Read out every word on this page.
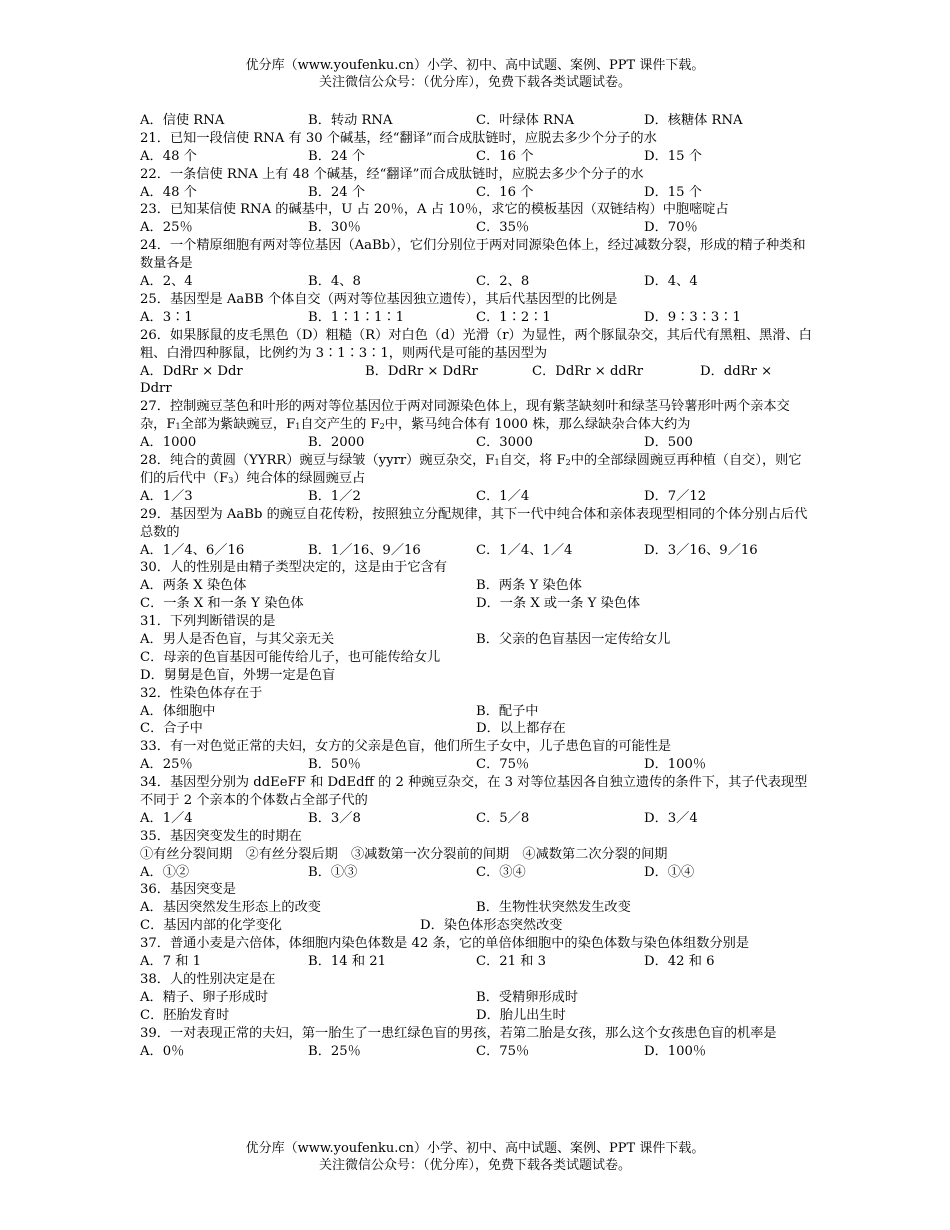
优分库（www.youfenku.cn）小学、初中、高中试题、案例、PPT 课件下载。
关注微信公众号：（优分库），免费下载各类试题试卷。
A．信使 RNA	B．转动 RNA	C．叶绿体 RNA	D．核糖体 RNA
21．已知一段信使 RNA 有 30 个碱基，经“翻译”而合成肽链时，应脱去多少个分子的水
A．48 个	B．24 个	C．16 个	D．15 个
22．一条信使 RNA 上有 48 个碱基，经“翻译”而合成肽链时，应脱去多少个分子的水
A．48 个	B．24 个	C．16 个	D．15 个
23．已知某信使 RNA 的碱基中，U 占 20％，A 占 10％，求它的模板基因（双链结构）中胞嘧啶占
A．25％	B．30％	C．35％	D．70％
24．一个精原细胞有两对等位基因（AaBb），它们分别位于两对同源染色体上，经过减数分裂，形成的精子种类和数量各是
A．2、4	B．4、8	C．2、8	D．4、4
25．基因型是 AaBB 个体自交（两对等位基因独立遗传），其后代基因型的比例是
A．3∶1	B．1∶1∶1∶1	C．1∶2∶1	D．9∶3∶3∶1
26．如果豚鼠的皮毛黑色（D）粗糙（R）对白色（d）光滑（r）为显性，两个豚鼠杂交，其后代有黑粗、黑滑、白粗、白滑四种豚鼠，比例约为 3∶1∶3∶1，则两代是可能的基因型为
A．DdRr × Ddr	B．DdRr × DdRr	C．DdRr × ddRr	D．ddRr ×
Ddrr
27．控制豌豆茎色和叶形的两对等位基因位于两对同源染色体上，现有紫茎缺刻叶和绿茎马铃薯形叶两个亲本交杂，$F_1$全部为紫缺豌豆，$F_1$自交产生的 $F_2$中，紫马纯合体有 1000 株，那么绿缺杂合体大约为
A．1000	B．2000	C．3000	D．500
28．纯合的黄圆（YYRR）豌豆与绿皱（yyrr）豌豆杂交，$F_1$自交，将 $F_2$中的全部绿圆豌豆再种植（自交），则它们的后代中$(F_3)$纯合体的绿圆豌豆占
A．1／3	B．1／2	C．1／4	D．7／12
29．基因型为 AaBb 的豌豆自花传粉，按照独立分配规律，其下一代中纯合体和亲体表现型相同的个体分别占后代总数的
A．1／4、6／16	B．1／16、9／16	C．1／4、1／4	D．3／16、9／16
30．人的性别是由精子类型决定的，这是由于它含有
A．两条 X 染色体	B．两条 Y 染色体
C．一条 X 和一条 Y 染色体	D．一条 X 或一条 Y 染色体
31．下列判断错误的是
A．男人是否色盲，与其父亲无关	B．父亲的色盲基因一定传给女儿
C．母亲的色盲基因可能传给儿子，也可能传给女儿
D．舅舅是色盲，外甥一定是色盲
32．性染色体存在于
A．体细胞中	B．配子中
C．合子中	D．以上都存在
33．有一对色觉正常的夫妇，女方的父亲是色盲，他们所生子女中，儿子患色盲的可能性是
A．25％	B．50％	C．75％	D．100％
34．基因型分别为 ddEeFF 和 DdEdff 的 2 种豌豆杂交，在 3 对等位基因各自独立遗传的条件下，其子代表现型不同于 2 个亲本的个体数占全部子代的
A．1／4	B．3／8	C．5／8	D．3／4
35．基因突变发生的时期在
①有丝分裂间期　②有丝分裂后期　③减数第一次分裂前的间期　④减数第二次分裂的间期
A．①②	B．①③	C．③④	D．①④
36．基因突变是
A．基因突然发生形态上的改变	B．生物性状突然发生改变
C．基因内部的化学变化	D．染色体形态突然改变
37．普通小麦是六倍体，体细胞内染色体数是 42 条，它的单倍体细胞中的染色体数与染色体组数分别是
A．7 和 1	B．14 和 21	C．21 和 3	D．42 和 6
38．人的性别决定是在
A．精子、卵子形成时	B．受精卵形成时
C．胚胎发育时	D．胎儿出生时
39．一对表现正常的夫妇，第一胎生了一患红绿色盲的男孩，若第二胎是女孩，那么这个女孩患色盲的机率是
A．0％	B．25％	C．75％	D．100％
优分库（www.youfenku.cn）小学、初中、高中试题、案例、PPT 课件下载。
关注微信公众号：（优分库），免费下载各类试题试卷。
